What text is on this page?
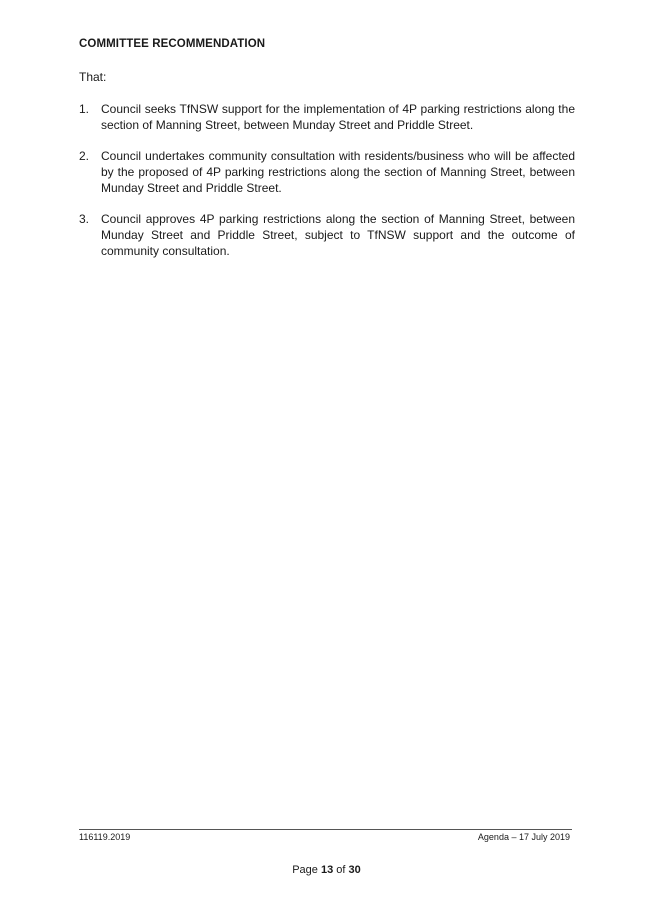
COMMITTEE RECOMMENDATION
That:
1. Council seeks TfNSW support for the implementation of 4P parking restrictions along the section of Manning Street, between Munday Street and Priddle Street.
2. Council undertakes community consultation with residents/business who will be affected by the proposed of 4P parking restrictions along the section of Manning Street, between Munday Street and Priddle Street.
3. Council approves 4P parking restrictions along the section of Manning Street, between Munday Street and Priddle Street, subject to TfNSW support and the outcome of community consultation.
116119.2019	Agenda – 17 July 2019
Page 13 of 30
